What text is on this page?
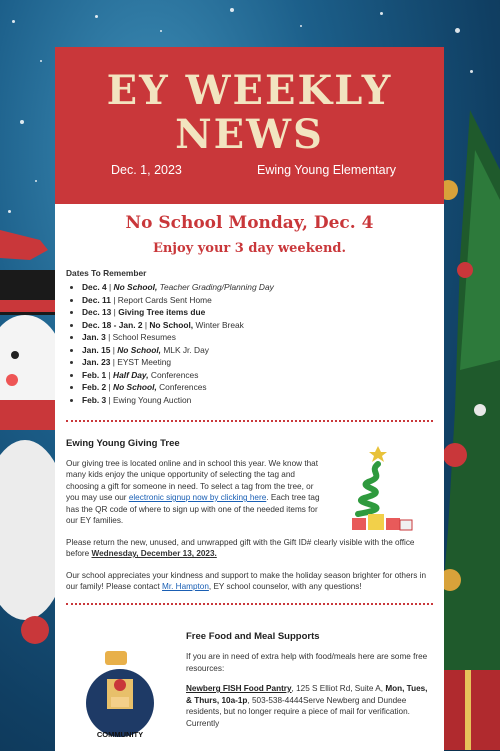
EY WEEKLY
NEWS
Dec. 1, 2023	Ewing Young Elementary
No School Monday, Dec. 4
Enjoy your 3 day weekend.
Dates To Remember
• Dec. 4 | No School, Teacher Grading/Planning Day
• Dec. 11 | Report Cards Sent Home
• Dec. 13 | Giving Tree items due
• Dec. 18 - Jan. 2 | No School, Winter Break
• Jan. 3 | School Resumes
• Jan. 15 | No School, MLK Jr. Day
• Jan. 23 | EYST Meeting
• Feb. 1 | Half Day, Conferences
• Feb. 2 | No School, Conferences
• Feb. 3 | Ewing Young Auction
Ewing Young Giving Tree

Our giving tree is located online and in school this year. We know that many kids enjoy the unique opportunity of selecting the tag and choosing a gift for someone in need. To select a tag from the tree, or you may use our electronic signup now by clicking here. Each tree tag has the QR code of where to sign up with one of the needed items for our EY families.

Please return the new, unused, and unwrapped gift with the Gift ID# clearly visible with the office before Wednesday, December 13, 2023.

Our school appreciates your kindness and support to make the holiday season brighter for others in our family! Please contact Mr. Hampton, EY school counselor, with any questions!

COMMUNITY
Free Food and Meal Supports

If you are in need of extra help with food/meals here are some free resources:

Newberg FISH Food Pantry, 125 S Elliot Rd, Suite A, Mon, Tues, & Thurs, 10a-1p, 503-538-4444Serve Newberg and Dundee residents, but no longer require a piece of mail for verification. Currently
